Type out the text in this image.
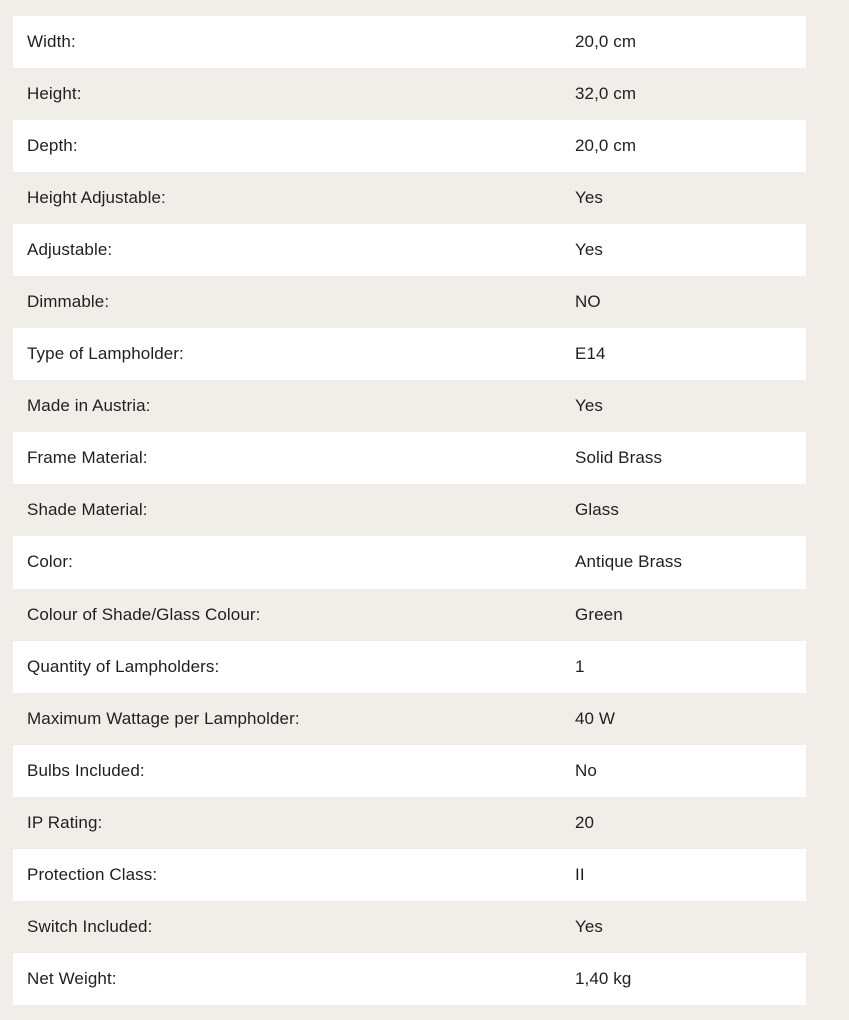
Width:	20,0 cm
Height:	32,0 cm
Depth:	20,0 cm
Height Adjustable:	Yes
Adjustable:	Yes
Dimmable:	NO
Type of Lampholder:	E14
Made in Austria:	Yes
Frame Material:	Solid Brass
Shade Material:	Glass
Color:	Antique Brass
Colour of Shade/Glass Colour:	Green
Quantity of Lampholders:	1
Maximum Wattage per Lampholder:	40 W
Bulbs Included:	No
IP Rating:	20
Protection Class:	II
Switch Included:	Yes
Net Weight:	1,40 kg
